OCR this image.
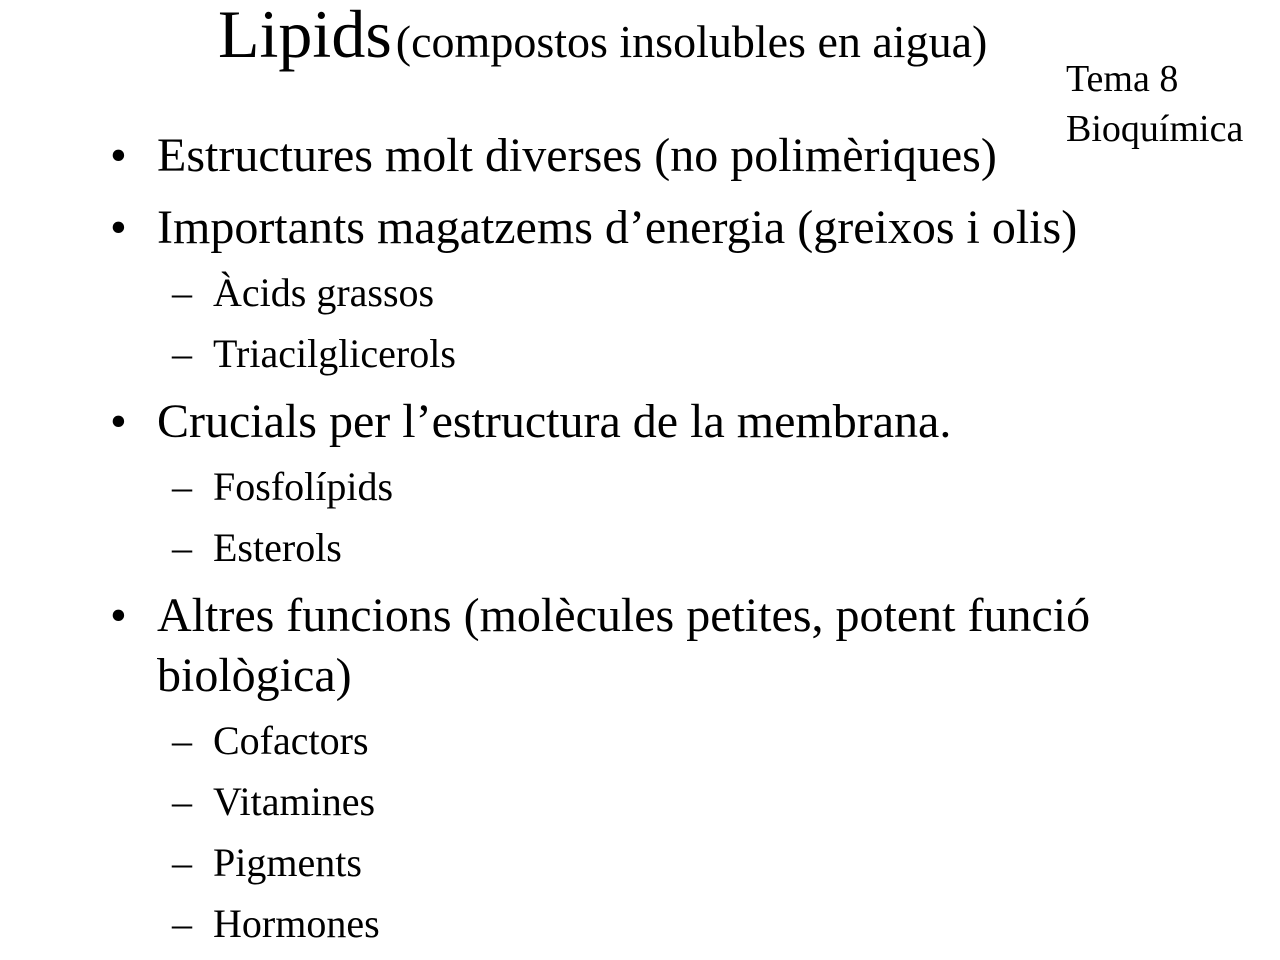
Lipids (compostos insolubles en aigua)
Tema 8
Bioquímica
• Estructures molt diverses (no polimèriques)
• Importants magatzems d’energia (greixos i olis)
– Àcids grassos
– Triacilglicerols
• Crucials per l’estructura de la membrana.
– Fosfolípids
– Esterols
• Altres funcions (molècules petites, potent funció
biològica)
– Cofactors
– Vitamines
– Pigments
– Hormones
